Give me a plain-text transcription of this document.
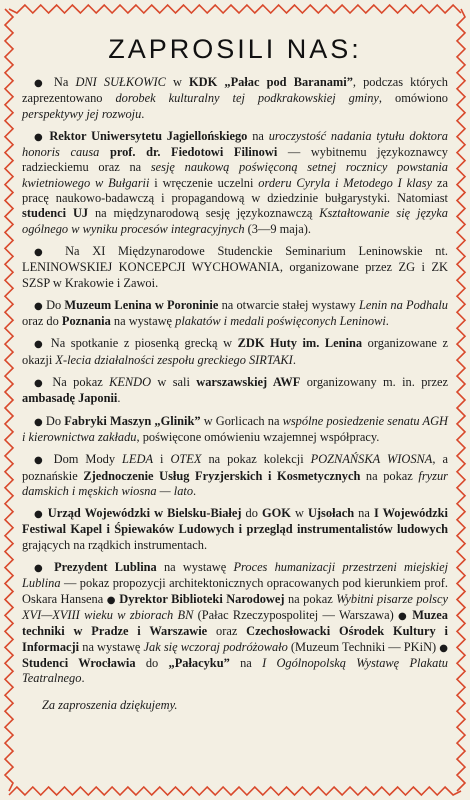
ZAPROSILI NAS:

● Na DNI SUŁKOWIC w KDK „Pałac pod Baranami”, podczas których zaprezentowano dorobek kulturalny tej podkrakowskiej gminy, omówiono perspektywy jej rozwoju.

● Rektor Uniwersytetu Jagiellońskiego na uroczystość nadania tytułu doktora honoris causa prof. dr. Fiedotowi Filinowi — wybitnemu językoznawcy radzieckiemu oraz na sesję naukową poświęconą setnej rocznicy powstania kwietniowego w Bułgarii i wręczenie uczelni orderu Cyryla i Metodego I klasy za pracę naukowo-badawczą i propagandową w dziedzinie bułgarystyki. Natomiast studenci UJ na międzynarodową sesję językoznawczą Kształtowanie się języka ogólnego w wyniku procesów integracyjnych (3—9 maja).

● Na XI Międzynarodowe Studenckie Seminarium Leninowskie nt. LENINOWSKIEJ KONCEPCJI WYCHOWANIA, organizowane przez ZG i ZK SZSP w Krakowie i Zawoi.

● Do Muzeum Lenina w Poroninie na otwarcie stałej wystawy Lenin na Podhalu oraz do Poznania na wystawę plakatów i medali poświęconych Leninowi.

● Na spotkanie z piosenką grecką w ZDK Huty im. Lenina organizowane z okazji X-lecia działalności zespołu greckiego SIRTAKI.

● Na pokaz KENDO w sali warszawskiej AWF organizowany m. in. przez ambasadę Japonii.

● Do Fabryki Maszyn „Glinik” w Gorlicach na wspólne posiedzenie senatu AGH i kierownictwa zakładu, poświęcone omówieniu wzajemnej współpracy.

● Dom Mody LEDA i OTEX na pokaz kolekcji POZNAŃSKA WIOSNA, a poznańskie Zjednoczenie Usług Fryzjerskich i Kosmetycznych na pokaz fryzur damskich i męskich wiosna — lato.

● Urząd Wojewódzki w Bielsku-Białej do GOK w Ujsołach na I Wojewódzki Festiwal Kapel i Śpiewaków Ludowych i przegląd instrumentalistów ludowych grających na rządkich instrumentach.

● Prezydent Lublina na wystawę Proces humanizacji przestrzeni miejskiej Lublina — pokaz propozycji architektonicznych opracowanych pod kierunkiem prof. Oskara Hansena ● Dyrektor Biblioteki Narodowej na pokaz Wybitni pisarze polscy XVI—XVIII wieku w zbiorach BN (Pałac Rzeczypospolitej — Warszawa) ● Muzea techniki w Pradze i Warszawie oraz Czechosłowacki Ośrodek Kultury i Informacji na wystawę Jak się wczoraj podróżowało (Muzeum Techniki — PKiN) ● Studenci Wrocławia do „Pałacyku” na I Ogólnopolską Wystawę Plakatu Teatralnego.

Za zaproszenia dziękujemy.
